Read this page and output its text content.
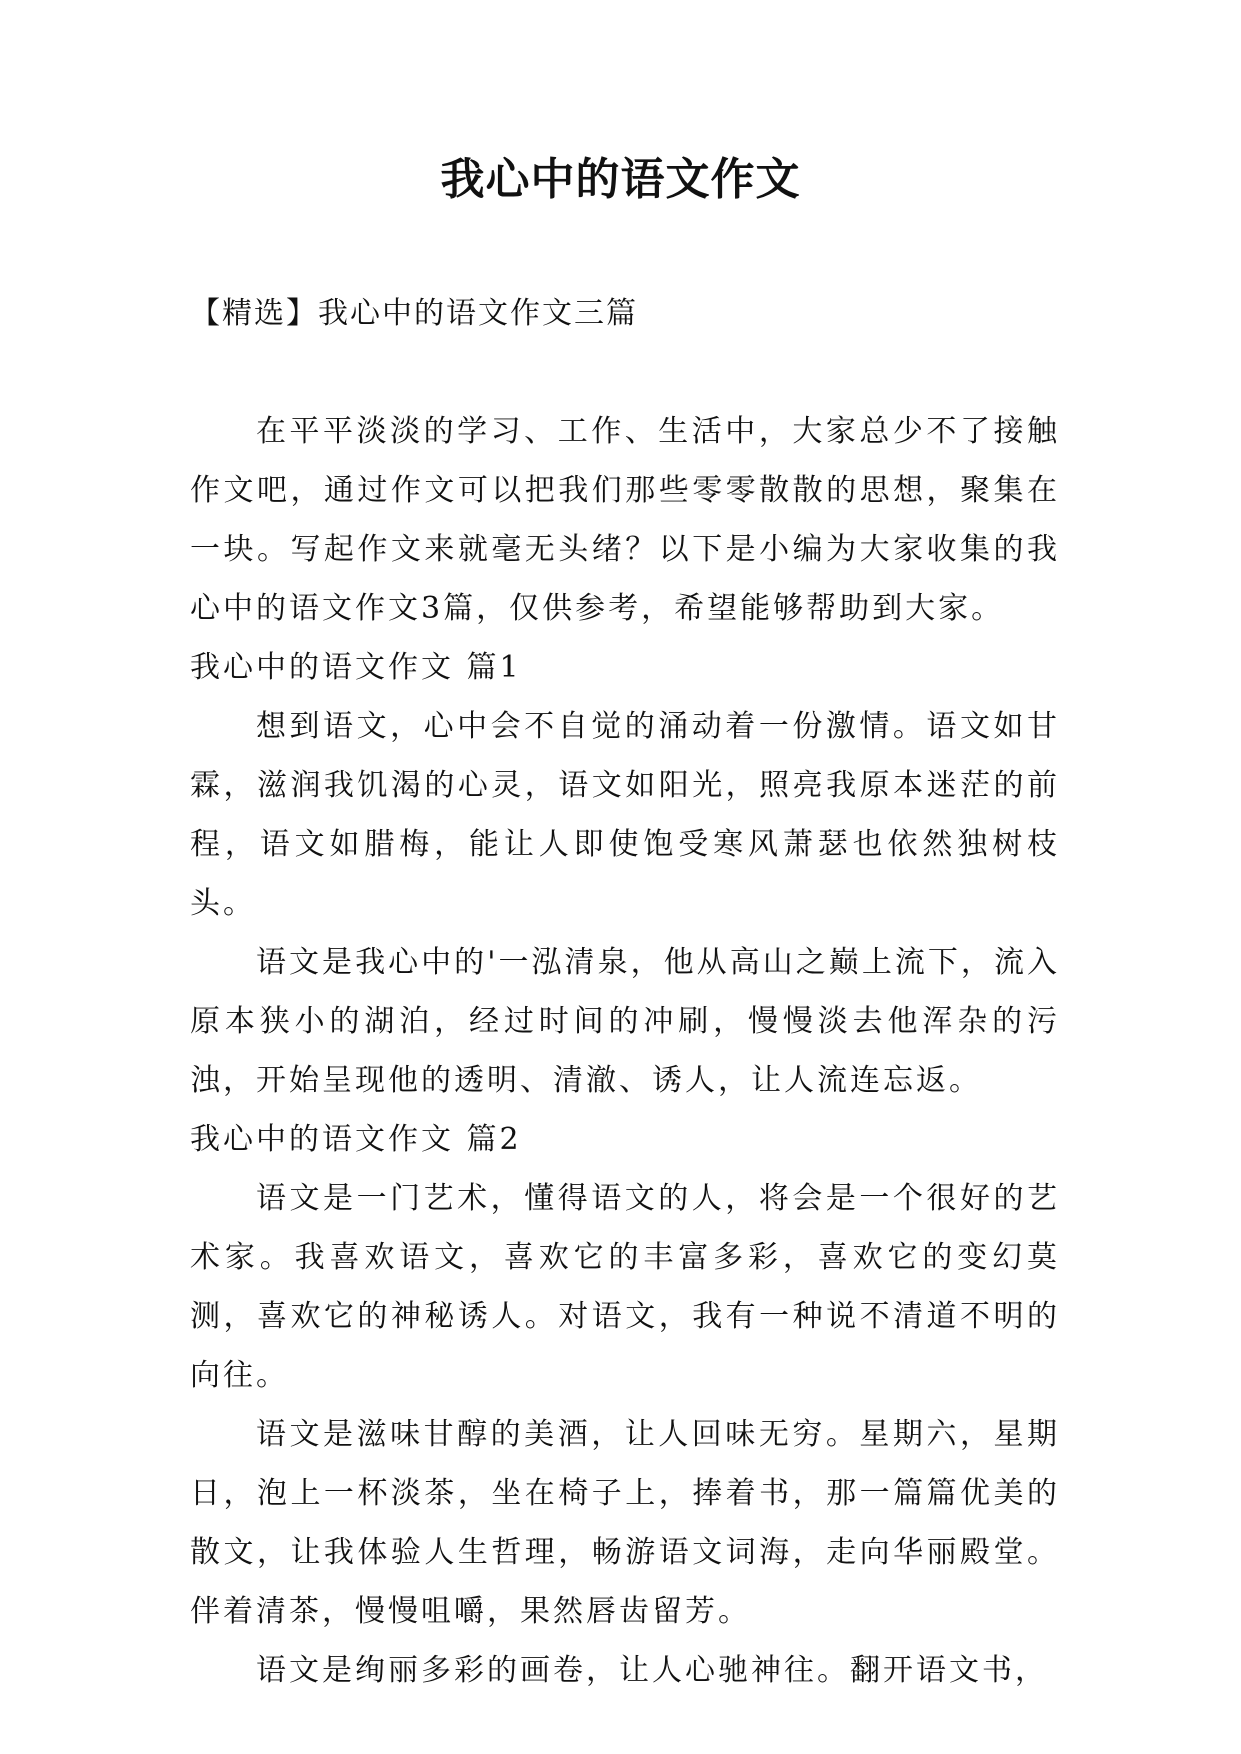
我心中的语文作文
【精选】我心中的语文作文三篇

在平平淡淡的学习、工作、生活中，大家总少不了接触作文吧，通过作文可以把我们那些零零散散的思想，聚集在一块。写起作文来就毫无头绪？以下是小编为大家收集的我心中的语文作文3篇，仅供参考，希望能够帮助到大家。

我心中的语文作文 篇1

想到语文，心中会不自觉的涌动着一份激情。语文如甘霖，滋润我饥渴的心灵，语文如阳光，照亮我原本迷茫的前程，语文如腊梅，能让人即使饱受寒风萧瑟也依然独树枝头。

语文是我心中的'一泓清泉，他从高山之巅上流下，流入原本狭小的湖泊，经过时间的冲刷，慢慢淡去他浑杂的污浊，开始呈现他的透明、清澈、诱人，让人流连忘返。

我心中的语文作文 篇2

语文是一门艺术，懂得语文的人，将会是一个很好的艺术家。我喜欢语文，喜欢它的丰富多彩，喜欢它的变幻莫测，喜欢它的神秘诱人。对语文，我有一种说不清道不明的向往。

语文是滋味甘醇的美酒，让人回味无穷。星期六，星期日，泡上一杯淡茶，坐在椅子上，捧着书，那一篇篇优美的散文，让我体验人生哲理，畅游语文词海，走向华丽殿堂。伴着清茶，慢慢咀嚼，果然唇齿留芳。

语文是绚丽多彩的画卷，让人心驰神往。翻开语文书，
